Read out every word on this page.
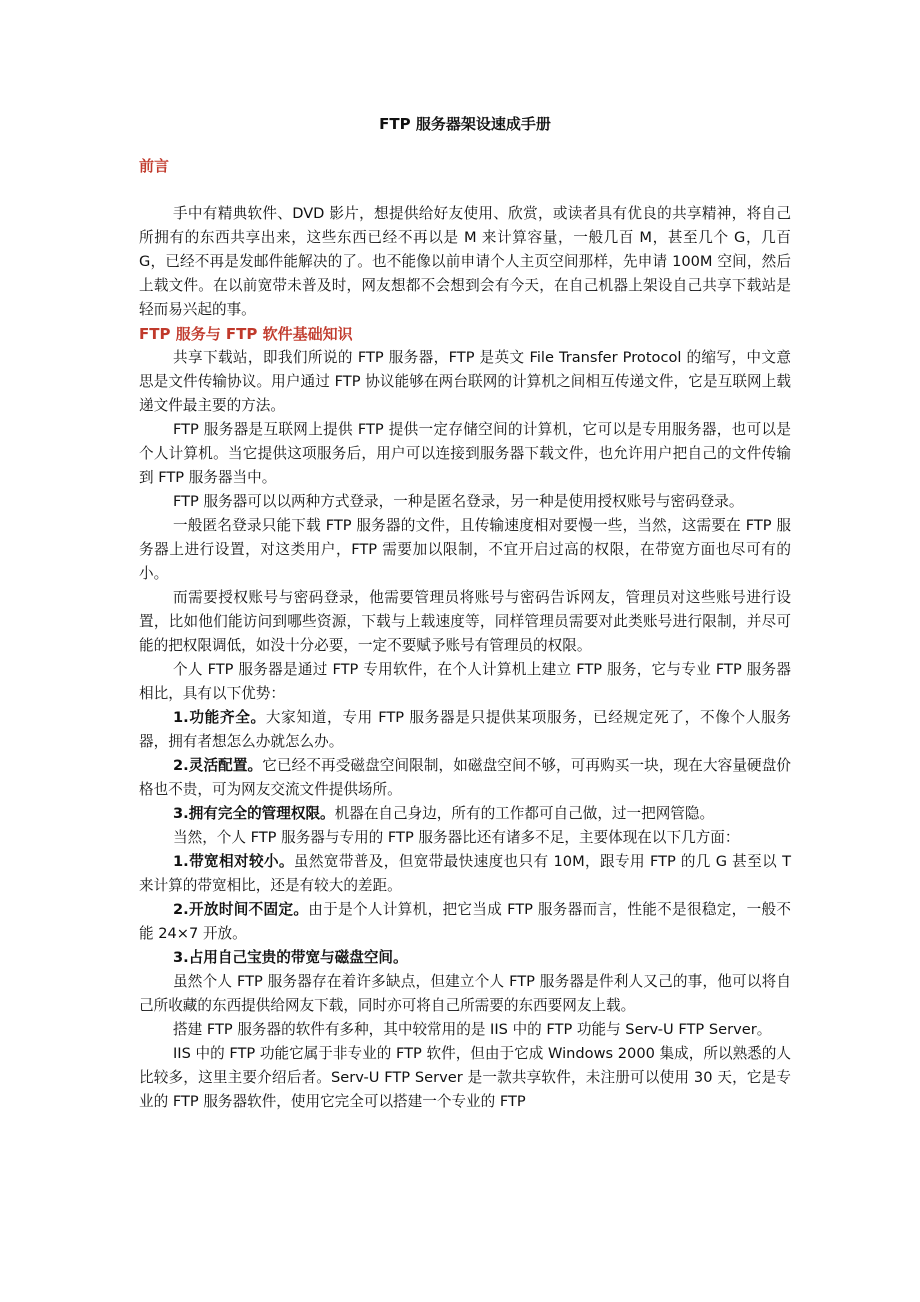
FTP 服务器架设速成手册
前言

手中有精典软件、DVD 影片，想提供给好友使用、欣赏，或读者具有优良的共享精神，将自己所拥有的东西共享出来，这些东西已经不再以是 M 来计算容量，一般几百 M，甚至几个 G，几百 G，已经不再是发邮件能解决的了。也不能像以前申请个人主页空间那样，先申请 100M 空间，然后上载文件。在以前宽带未普及时，网友想都不会想到会有今天，在自己机器上架设自己共享下载站是轻而易兴起的事。

FTP 服务与 FTP 软件基础知识

共享下载站，即我们所说的 FTP 服务器，FTP 是英文 File Transfer Protocol 的缩写，中文意思是文件传输协议。用户通过 FTP 协议能够在两台联网的计算机之间相互传递文件，它是互联网上载递文件最主要的方法。

FTP 服务器是互联网上提供 FTP 提供一定存储空间的计算机，它可以是专用服务器，也可以是个人计算机。当它提供这项服务后，用户可以连接到服务器下载文件，也允许用户把自己的文件传输到 FTP 服务器当中。

FTP 服务器可以以两种方式登录，一种是匿名登录，另一种是使用授权账号与密码登录。

一般匿名登录只能下载 FTP 服务器的文件，且传输速度相对要慢一些，当然，这需要在 FTP 服务器上进行设置，对这类用户，FTP 需要加以限制，不宜开启过高的权限，在带宽方面也尽可有的小。

而需要授权账号与密码登录，他需要管理员将账号与密码告诉网友，管理员对这些账号进行设置，比如他们能访问到哪些资源，下载与上载速度等，同样管理员需要对此类账号进行限制，并尽可能的把权限调低，如没十分必要，一定不要赋予账号有管理员的权限。

个人 FTP 服务器是通过 FTP 专用软件，在个人计算机上建立 FTP 服务，它与专业 FTP 服务器相比，具有以下优势：

1.功能齐全。大家知道，专用 FTP 服务器是只提供某项服务，已经规定死了，不像个人服务器，拥有者想怎么办就怎么办。

2.灵活配置。它已经不再受磁盘空间限制，如磁盘空间不够，可再购买一块，现在大容量硬盘价格也不贵，可为网友交流文件提供场所。

3.拥有完全的管理权限。机器在自己身边，所有的工作都可自己做，过一把网管隐。

当然，个人 FTP 服务器与专用的 FTP 服务器比还有诸多不足，主要体现在以下几方面：

1.带宽相对较小。虽然宽带普及，但宽带最快速度也只有 10M，跟专用 FTP 的几 G 甚至以 T 来计算的带宽相比，还是有较大的差距。

2.开放时间不固定。由于是个人计算机，把它当成 FTP 服务器而言，性能不是很稳定，一般不能 24×7 开放。

3.占用自己宝贵的带宽与磁盘空间。

虽然个人 FTP 服务器存在着许多缺点，但建立个人 FTP 服务器是件利人又己的事，他可以将自己所收藏的东西提供给网友下载，同时亦可将自己所需要的东西要网友上载。

搭建 FTP 服务器的软件有多种，其中较常用的是 IIS 中的 FTP 功能与 Serv-U FTP Server。

IIS 中的 FTP 功能它属于非专业的 FTP 软件，但由于它成 Windows 2000 集成，所以熟悉的人比较多，这里主要介绍后者。Serv-U FTP Server 是一款共享软件，未注册可以使用 30 天，它是专业的 FTP 服务器软件，使用它完全可以搭建一个专业的 FTP
